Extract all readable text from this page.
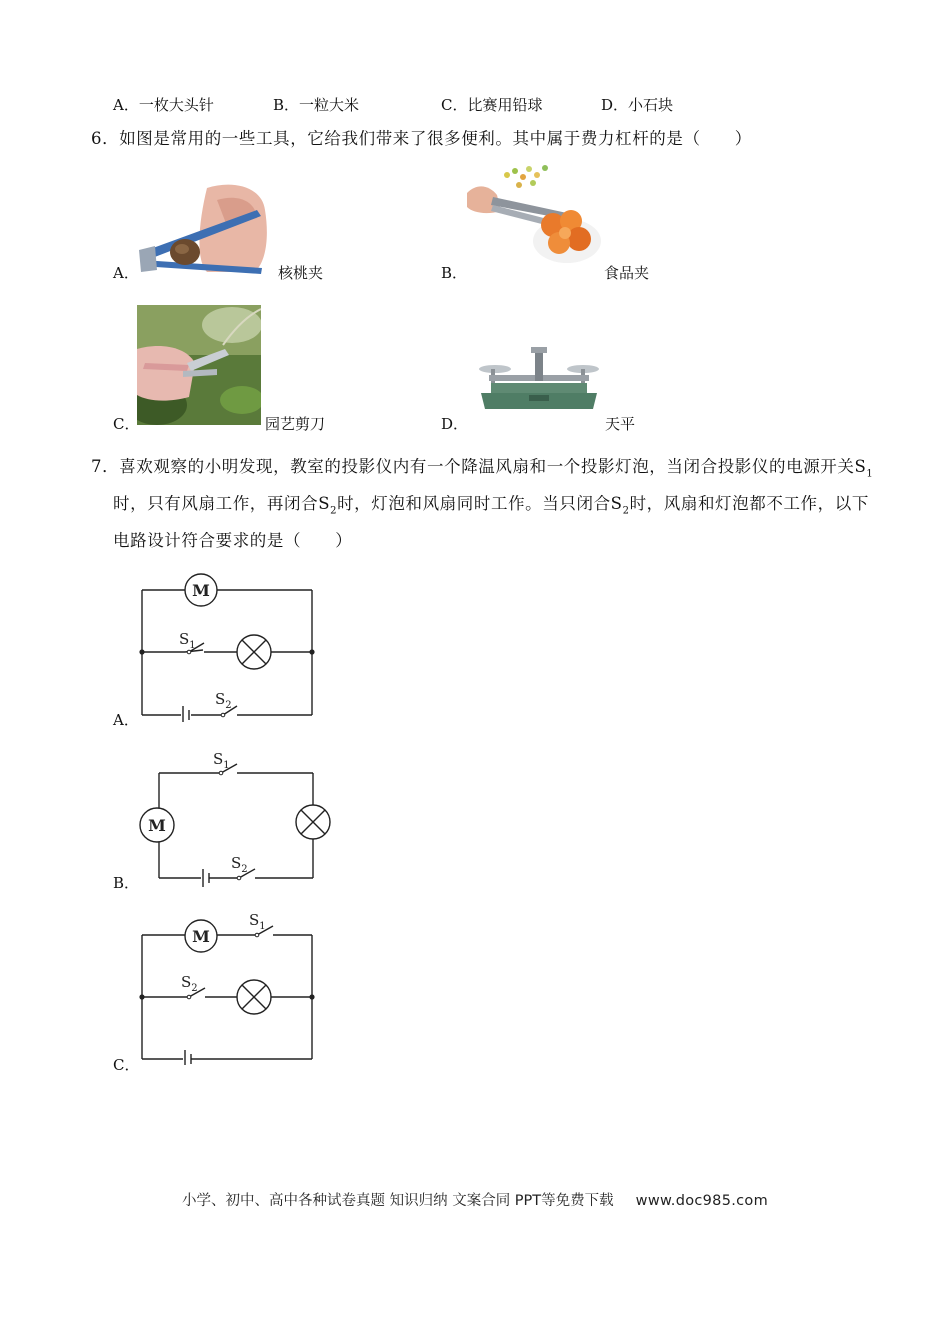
A．一枚大头针	B．一粒大米	C．比赛用铅球	D．小石块
6．如图是常用的一些工具，它给我们带来了很多便利。其中属于费力杠杆的是（　　）
A．	核桃夹	B．	食品夹
C．	园艺剪刀	D．	天平
7．喜欢观察的小明发现，教室的投影仪内有一个降温风扇和一个投影灯泡，当闭合投影仪的电源开关$S_1$
时，只有风扇工作，再闭合$S_2$时，灯泡和风扇同时工作。当只闭合$S_2$时，风扇和灯泡都不工作，以下
电路设计符合要求的是（　　）
M
$S_1$
$S_2$
A．
M
$S_1$
$S_2$
B．
M
$S_1$
$S_2$
C．
小学、初中、高中各种试卷真题 知识归纳 文案合同 PPT等免费下载 www.doc985.com
